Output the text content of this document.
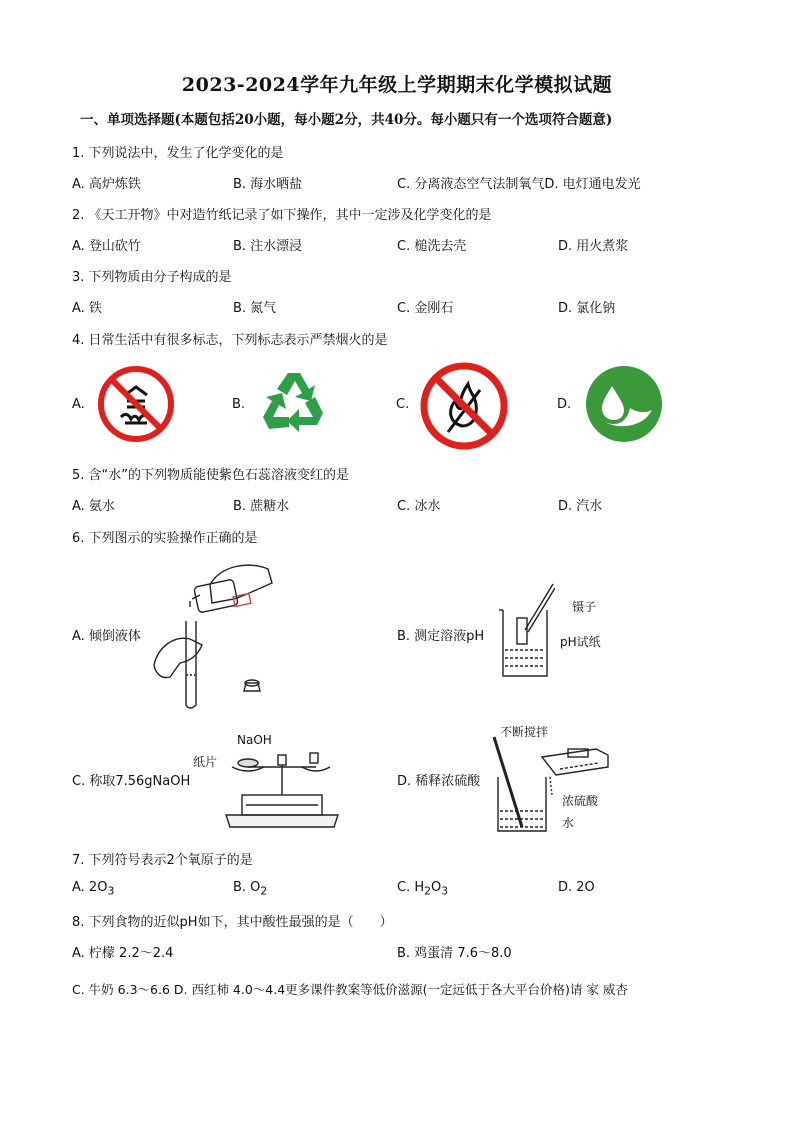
2023-2024学年九年级上学期期末化学模拟试题
一、单项选择题(本题包括20小题，每小题2分，共40分。每小题只有一个选项符合题意)
1. 下列说法中，发生了化学变化的是
A. 高炉炼铁	B. 海水晒盐	C. 分离液态空气法制氧气D. 电灯通电发光
2. 《天工开物》中对造竹纸记录了如下操作，其中一定涉及化学变化的是
A. 登山砍竹	B. 注水漂浸	C. 槌洗去壳	D. 用火煮浆
3. 下列物质由分子构成的是
A. 铁	B. 氮气	C. 金刚石	D. 氯化钠
4. 日常生活中有很多标志，下列标志表示严禁烟火的是
A.	B.	C.	D.
5. 含“水”的下列物质能使紫色石蕊溶液变红的是
A. 氨水	B. 蔗糖水	C. 冰水	D. 汽水
6. 下列图示的实验操作正确的是
A. 倾倒液体	B. 测定溶液pH
镊子
pH试纸
C. 称取7.56gNaOH
NaOH
纸片
D. 稀释浓硫酸
不断搅拌
浓硫酸
水
7. 下列符号表示2个氧原子的是
A. $2O_3$	B. $O_2$	C. $H_2O_3$	D. 2O
8. 下列食物的近似pH如下，其中酸性最强的是（　　）
A. 柠檬 2.2～2.4	B. 鸡蛋清 7.6～8.0
C. 牛奶 6.3～6.6 D. 西红柿 4.0～4.4更多课件教案等低价滋源(一定远低于各大平台价格)请 家 威杏
